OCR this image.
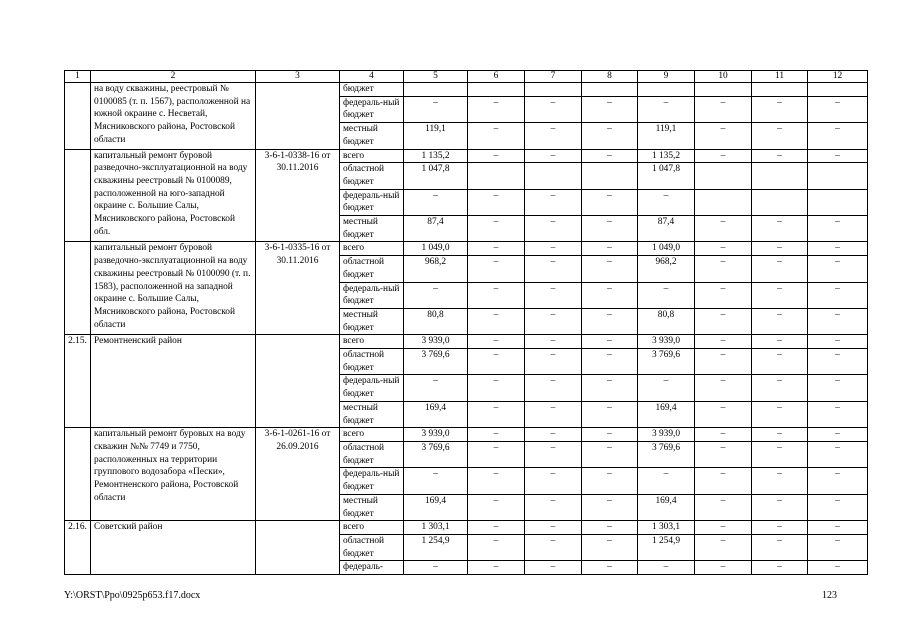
1	2	3	4	5	6	7	8	9	10	11	12
	на воду скважины, реестровый № 0100085 (т. п. 1567), расположенной на южной окраине с. Несветай, Мясниковского района, Ростовской области		бюджет								
			федераль-ный бюджет	–	–	–	–	–	–	–	–
			местный бюджет	119,1	–	–	–	119,1	–	–	–
	капитальный ремонт буровой разведочно-эксплуатационной на воду скважины реестровый № 0100089, расположенной на юго-западной окраине с. Большие Салы, Мясниковского района, Ростовской обл.	3-6-1-0338-16 от 30.11.2016	всего	1 135,2	–	–	–	1 135,2	–	–	–
			областной бюджет	1 047,8				1 047,8			
			федераль-ный бюджет	–	–	–	–	–			
			местный бюджет	87,4	–	–	–	87,4	–	–	–
	капитальный ремонт буровой разведочно-эксплуатационной на воду скважины реестровый № 0100090 (т. п. 1583), расположенной на западной окраине с. Большие Салы, Мясниковского района, Ростовской области	3-6-1-0335-16 от 30.11.2016	всего	1 049,0	–	–	–	1 049,0	–	–	–
			областной бюджет	968,2	–	–	–	968,2	–	–	–
			федераль-ный бюджет	–	–	–	–	–	–	–	–
			местный бюджет	80,8	–	–	–	80,8	–	–	–
2.15.	Ремонтненский район		всего	3 939,0	–	–	–	3 939,0	–	–	–
			областной бюджет	3 769,6	–	–	–	3 769,6	–	–	–
			федераль-ный бюджет	–	–	–	–	–	–	–	–
			местный бюджет	169,4	–	–	–	169,4	–	–	–
	капитальный ремонт буровых на воду скважин №№ 7749 и 7750, расположенных на территории группового водозабора «Пески», Ремонтненского района, Ростовской области	3-6-1-0261-16 от 26.09.2016	всего	3 939,0	–	–	–	3 939,0	–	–	–
			областной бюджет	3 769,6	–	–	–	3 769,6	–	–	–
			федераль-ный бюджет	–	–	–	–	–	–	–	–
			местный бюджет	169,4	–	–	–	169,4	–	–	–
2.16.	Советский район		всего	1 303,1	–	–	–	1 303,1	–	–	–
			областной бюджет	1 254,9	–	–	–	1 254,9	–	–	–
			федераль-	–	–	–	–	–	–	–	–
Y:\ORST\Ppo\0925p653.f17.docx	123
